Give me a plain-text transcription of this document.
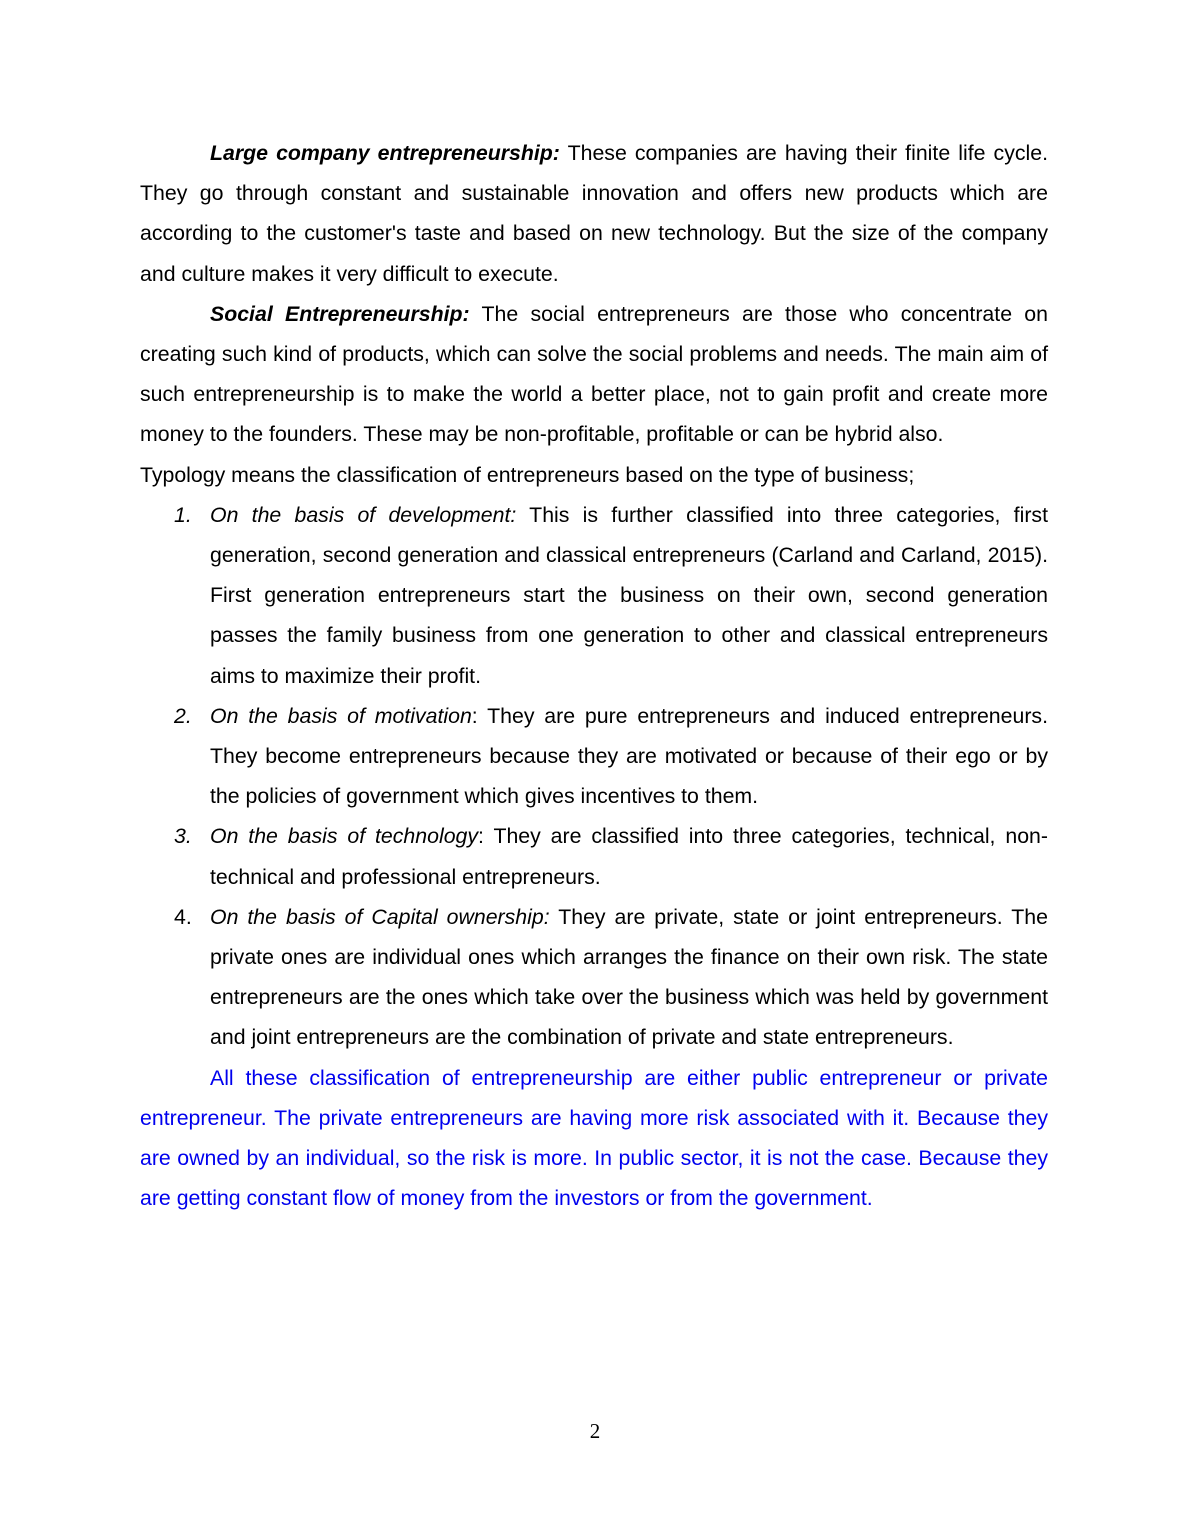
Large company entrepreneurship: These companies are having their finite life cycle. They go through constant and sustainable innovation and offers new products which are according to the customer's taste and based on new technology. But the size of the company and culture makes it very difficult to execute.

Social Entrepreneurship: The social entrepreneurs are those who concentrate on creating such kind of products, which can solve the social problems and needs. The main aim of such entrepreneurship is to make the world a better place, not to gain profit and create more money to the founders. These may be non-profitable, profitable or can be hybrid also.

Typology means the classification of entrepreneurs based on the type of business;

1. On the basis of development: This is further classified into three categories, first generation, second generation and classical entrepreneurs (Carland and Carland, 2015). First generation entrepreneurs start the business on their own, second generation passes the family business from one generation to other and classical entrepreneurs aims to maximize their profit.
2. On the basis of motivation: They are pure entrepreneurs and induced entrepreneurs. They become entrepreneurs because they are motivated or because of their ego or by the policies of government which gives incentives to them.
3. On the basis of technology: They are classified into three categories, technical, non-technical and professional entrepreneurs.
4. On the basis of Capital ownership: They are private, state or joint entrepreneurs. The private ones are individual ones which arranges the finance on their own risk. The state entrepreneurs are the ones which take over the business which was held by government and joint entrepreneurs are the combination of private and state entrepreneurs.

All these classification of entrepreneurship are either public entrepreneur or private entrepreneur. The private entrepreneurs are having more risk associated with it. Because they are owned by an individual, so the risk is more. In public sector, it is not the case. Because they are getting constant flow of money from the investors or from the government.

2
